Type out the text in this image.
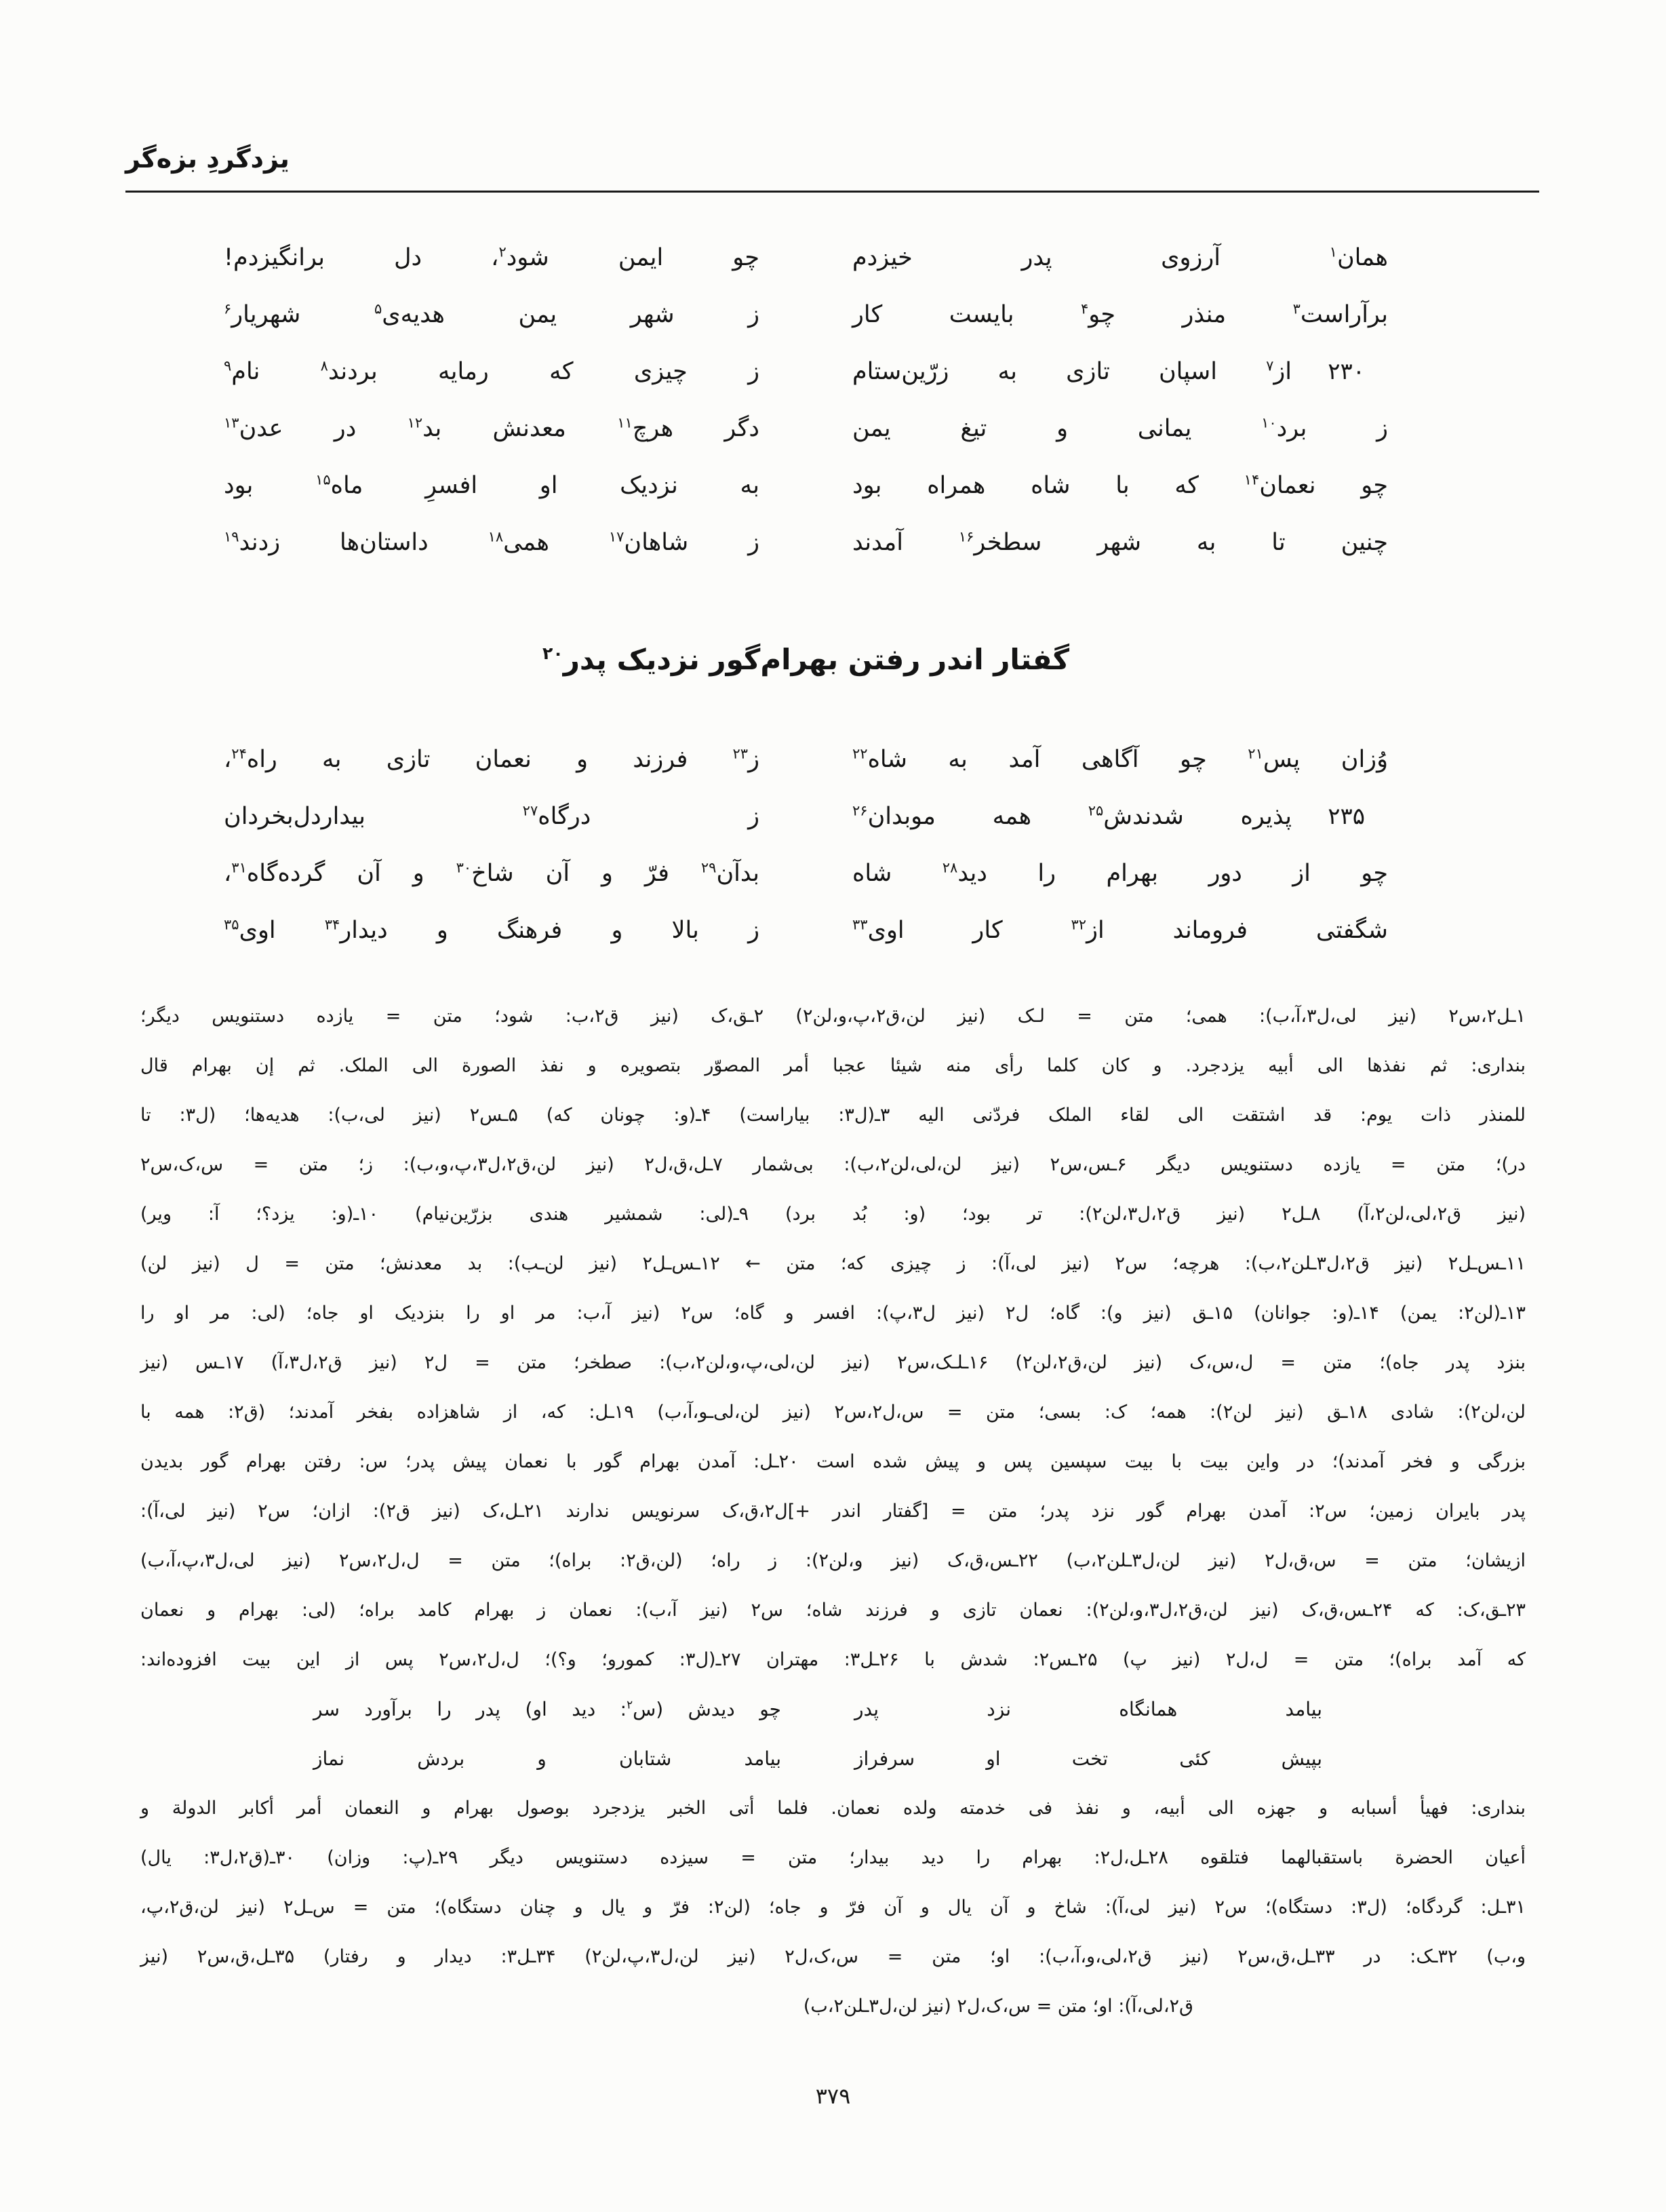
یزدگردِ بزه‌گر
همان$^۱$ آرزوی پدر خیزدم
چو ایمن شود$^۲$، دل برانگیزدم!
برآراست$^۳$ منذر چو$^۴$ بایست کار
ز شهر یمن هدیه‌ی$^۵$ شهریار$^۶$
۲۳۰
از$^۷$ اسپان تازی به زرّین‌ستام
ز چیزی که رمایه بردند$^۸$ نام$^۹$
ز برد$^{۱۰}$ یمانی و تیغ یمن
دگر هرچ$^{۱۱}$ معدنش بد$^{۱۲}$ در عدن$^{۱۳}$
چو نعمان$^{۱۴}$ که با شاه همراه بود
به نزدیک او افسرِ ماه$^{۱۵}$ بود
چنین تا به شهر سطخر$^{۱۶}$ آمدند
ز شاهان$^{۱۷}$ همی$^{۱۸}$ داستان‌ها زدند$^{۱۹}$
گفتار اندر رفتن بهرام‌گور نزدیک پدر$^{۲۰}$
وُزان پس$^{۲۱}$ چو آگاهی آمد به شاه$^{۲۲}$
ز$^{۲۳}$ فرزند و نعمان تازی به راه$^{۲۴}$،
۲۳۵
پذیره شدندش$^{۲۵}$ همه موبدان$^{۲۶}$
ز درگاه$^{۲۷}$ بیداردل‌بخردان
چو از دور بهرام را دید$^{۲۸}$ شاه
بدآن$^{۲۹}$ فرّ و آن شاخ$^{۳۰}$ و آن گرده‌گاه$^{۳۱}$،
شگفتی فروماند از$^{۳۲}$ کار اوی$^{۳۳}$
ز بالا و فرهنگ و دیدار$^{۳۴}$ اوی$^{۳۵}$
۱ـل۲،س۲ (نیز لی،ل۳،آ،ب): همی؛ متن = لـک (نیز لن،ق۲،پ،و،لن۲) ۲ـق،ک (نیز ق۲،ب: شود؛ متن = یازده دستنویس دیگر؛
بنداری: ثم نفذها الی أبیه یزدجرد. و کان کلما رأی منه شیئا عجبا أمر المصوّر بتصویره و نفذ الصورة الی الملک. ثم إن بهرام قال
للمنذر ذات یوم: قد اشتقت الی لقاء الملک فردّنی الیه ۳ـ(ل۳: بیاراست) ۴ـ(و: چونان که) ۵ـس۲ (نیز لی،ب): هدیه‌ها؛ (ل۳: تا
در)؛ متن = یازده دستنویس دیگر ۶ـس،س۲ (نیز لن،لی،لن۲،ب): بی‌شمار ۷ـل،ق،ل۲ (نیز لن،ق۲،ل۳،پ،و،ب): ز؛ متن = س،ک،س۲
(نیز ق۲،لی،لن۲،آ) ۸ـل۲ (نیز ق۲،ل۳،لن۲): تر بود؛ (و: بُد برد) ۹ـ(لی: شمشیر هندی بزرّین‌نیام) ۱۰ـ(و: یزد؟؛ آ: ویر)
۱۱ـس‌ـل۲ (نیز ق۲،ل۳ـلن۲،ب): هرچه؛ س۲ (نیز لی،آ): ز چیزی که؛ متن ← ۱۲ـس‌ـل۲ (نیز لن‌ـب): بد معدنش؛ متن = ل (نیز لن)
۱۳ـ(لن۲: یمن) ۱۴ـ(و: جوانان) ۱۵ـق (نیز و): گاه؛ ل۲ (نیز ل۳،پ): افسر و گاه؛ س۲ (نیز آ،ب: مر او را بنزدیک او جاه؛ (لی: مر او را
بنزد پدر جاه)؛ متن = ل،س،ک (نیز لن،ق۲،لن۲) ۱۶ـلـک،س۲ (نیز لن،لی،پ،و،لن۲،ب): صطخر؛ متن = ل۲ (نیز ق۲،ل۳،آ) ۱۷ـس (نیز
لن،لن۲): شادی ۱۸ـق (نیز لن۲): همه؛ ک: بسی؛ متن = س،ل۲،س۲ (نیز لن،لی‌ـو،آ،ب) ۱۹ـل: که، از شاهزاده بفخر آمدند؛ (ق۲: همه با
بزرگی و فخر آمدند)؛ در واین بیت با بیت سپسین پس و پیش شده است ۲۰ـل: آمدن بهرام گور با نعمان پیش پدر؛ س: رفتن بهرام گور بدیدن
پدر بایران زمین؛ س۲: آمدن بهرام گور نزد پدر؛ متن = [گفتار اندر +]ل۲،ق،ک سرنویس ندارند ۲۱ـل،ک (نیز ق۲): ازان؛ س۲ (نیز لی،آ):
ازیشان؛ متن = س،ق،ل۲ (نیز لن،ل۳ـلن۲،ب) ۲۲ـس،ق،ک (نیز و،لن۲): ز راه؛ (لن،ق۲: براه)؛ متن = ل،ل۲،س۲ (نیز لی،ل۳،پ،آ،ب)
۲۳ـق،ک: که ۲۴ـس،ق،ک (نیز لن،ق۲،ل۳،و،لن۲): نعمان تازی و فرزند شاه؛ س۲ (نیز آ،ب): نعمان ز بهرام کامد براه؛ (لی: بهرام و نعمان
که آمد براه)؛ متن = ل،ل۲ (نیز پ) ۲۵ـس۲: شدش با ۲۶ـل۳: مهتران ۲۷ـ(ل۳: کمورو؛ و؟)؛ ل،ل۲،س۲ پس از این بیت افزوده‌اند:
بیامد همانگاه نزد پدر
چو دیدش (س$^۲$: دید او) پدر را برآورد سر
بپیش کئی تخت او سرفراز
بیامد شتابان و بردش نماز
بنداری: فهیأ أسبابه و جهزه الی أبیه، و نفذ فی خدمته ولده نعمان. فلما أتی الخبر یزدجرد بوصول بهرام و النعمان أمر أکابر الدولة و
أعیان الحضرة باستقبالهما فتلقوه ۲۸ـل،ل۲: بهرام را دید بیدار؛ متن = سیزده دستنویس دیگر ۲۹ـ(پ: وزان) ۳۰ـ(ق۲،ل۳: یال)
۳۱ـل: گردگاه؛ (ل۳: دستگاه)؛ س۲ (نیز لی،آ): شاخ و آن یال و آن فرّ و جاه؛ (لن۲: فرّ و یال و چنان دستگاه)؛ متن = س‌ـل۲ (نیز لن،ق۲،پ،
و،ب) ۳۲ـک: در ۳۳ـل،ق،س۲ (نیز ق۲،لی،و،آ،ب): او؛ متن = س،ک،ل۲ (نیز لن،ل۳،پ،لن۲) ۳۴ـل۳: دیدار و رفتار) ۳۵ـل،ق،س۲ (نیز
ق۲،لی،آ): او؛ متن = س،ک،ل۲ (نیز لن،ل۳ـلن۲،ب)
۳۷۹
